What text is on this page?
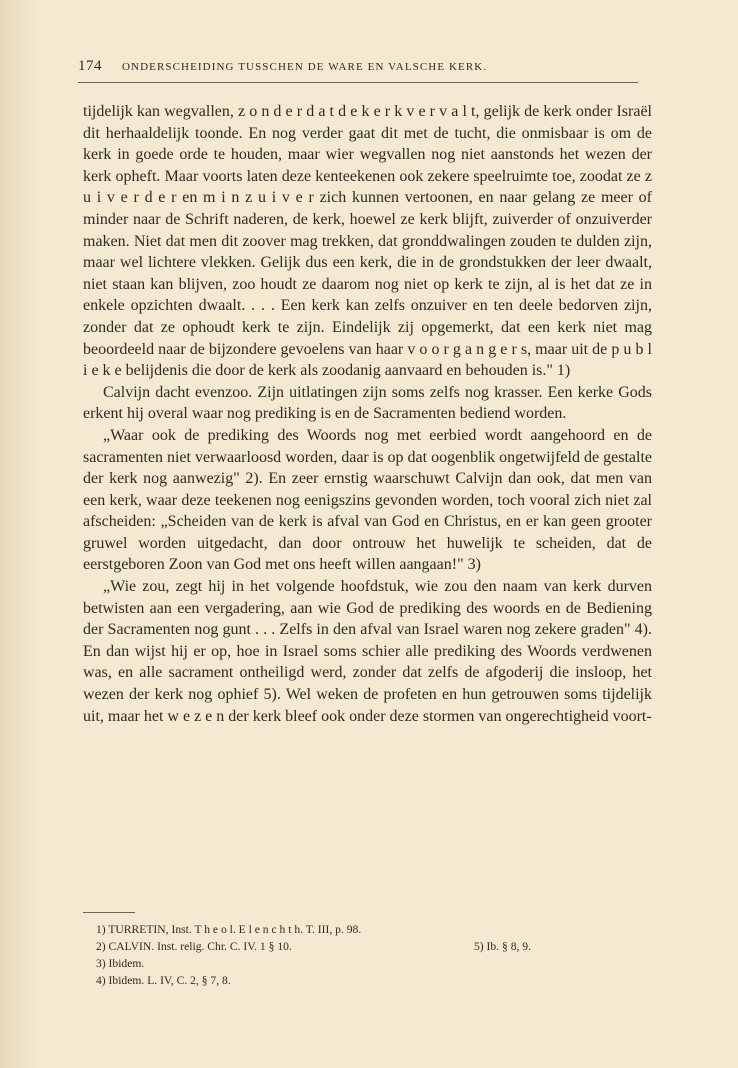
174 ONDERSCHEIDING TUSSCHEN DE WARE EN VALSCHE KERK.

tijdelijk kan wegvallen, z o n d e r d a t d e k e r k v e r v a l t, gelijk de kerk onder Israël dit herhaaldelijk toonde. En nog verder gaat dit met de tucht, die onmisbaar is om de kerk in goede orde te houden, maar wier wegvallen nog niet aanstonds het wezen der kerk opheft. Maar voorts laten deze kenteekenen ook zekere speelruimte toe, zoodat ze z u i v e r d e r en m i n z u i v e r zich kunnen vertoonen, en naar gelang ze meer of minder naar de Schrift naderen, de kerk, hoewel ze kerk blijft, zuiverder of onzuiverder maken. Niet dat men dit zoover mag trekken, dat gronddwalingen zouden te dulden zijn, maar wel lichtere vlekken. Gelijk dus een kerk, die in de grondstukken der leer dwaalt, niet staan kan blijven, zoo houdt ze daarom nog niet op kerk te zijn, al is het dat ze in enkele opzichten dwaalt. . . . Een kerk kan zelfs onzuiver en ten deele bedorven zijn, zonder dat ze ophoudt kerk te zijn. Eindelijk zij opgemerkt, dat een kerk niet mag beoordeeld naar de bijzondere gevoelens van haar v o o r g a n g e r s, maar uit de p u b l i e k e belijdenis die door de kerk als zoodanig aanvaard en behouden is." 1)

Calvijn dacht evenzoo. Zijn uitlatingen zijn soms zelfs nog krasser. Een kerke Gods erkent hij overal waar nog prediking is en de Sacramenten bediend worden.

„Waar ook de prediking des Woords nog met eerbied wordt aangehoord en de sacramenten niet verwaarloosd worden, daar is op dat oogenblik ongetwijfeld de gestalte der kerk nog aanwezig" 2). En zeer ernstig waarschuwt Calvijn dan ook, dat men van een kerk, waar deze teekenen nog eenigszins gevonden worden, toch vooral zich niet zal afscheiden: „Scheiden van de kerk is afval van God en Christus, en er kan geen grooter gruwel worden uitgedacht, dan door ontrouw het huwelijk te scheiden, dat de eerstgeboren Zoon van God met ons heeft willen aangaan!" 3)

„Wie zou, zegt hij in het volgende hoofdstuk, wie zou den naam van kerk durven betwisten aan een vergadering, aan wie God de prediking des woords en de Bediening der Sacramenten nog gunt . . . Zelfs in den afval van Israel waren nog zekere graden" 4). En dan wijst hij er op, hoe in Israel soms schier alle prediking des Woords verdwenen was, en alle sacrament ontheiligd werd, zonder dat zelfs de afgoderij die insloop, het wezen der kerk nog ophief 5). Wel weken de profeten en hun getrouwen soms tijdelijk uit, maar het w e z e n der kerk bleef ook onder deze stormen van ongerechtigheid voort-

1) TURRETIN, Inst. T h e o l. E l e n c h t h. T. III, p. 98.
2) CALVIN. Inst. relig. Chr. C. IV. 1 § 10.	5) Ib. § 8, 9.
3) Ibidem.
4) Ibidem. L. IV, C. 2, § 7, 8.
